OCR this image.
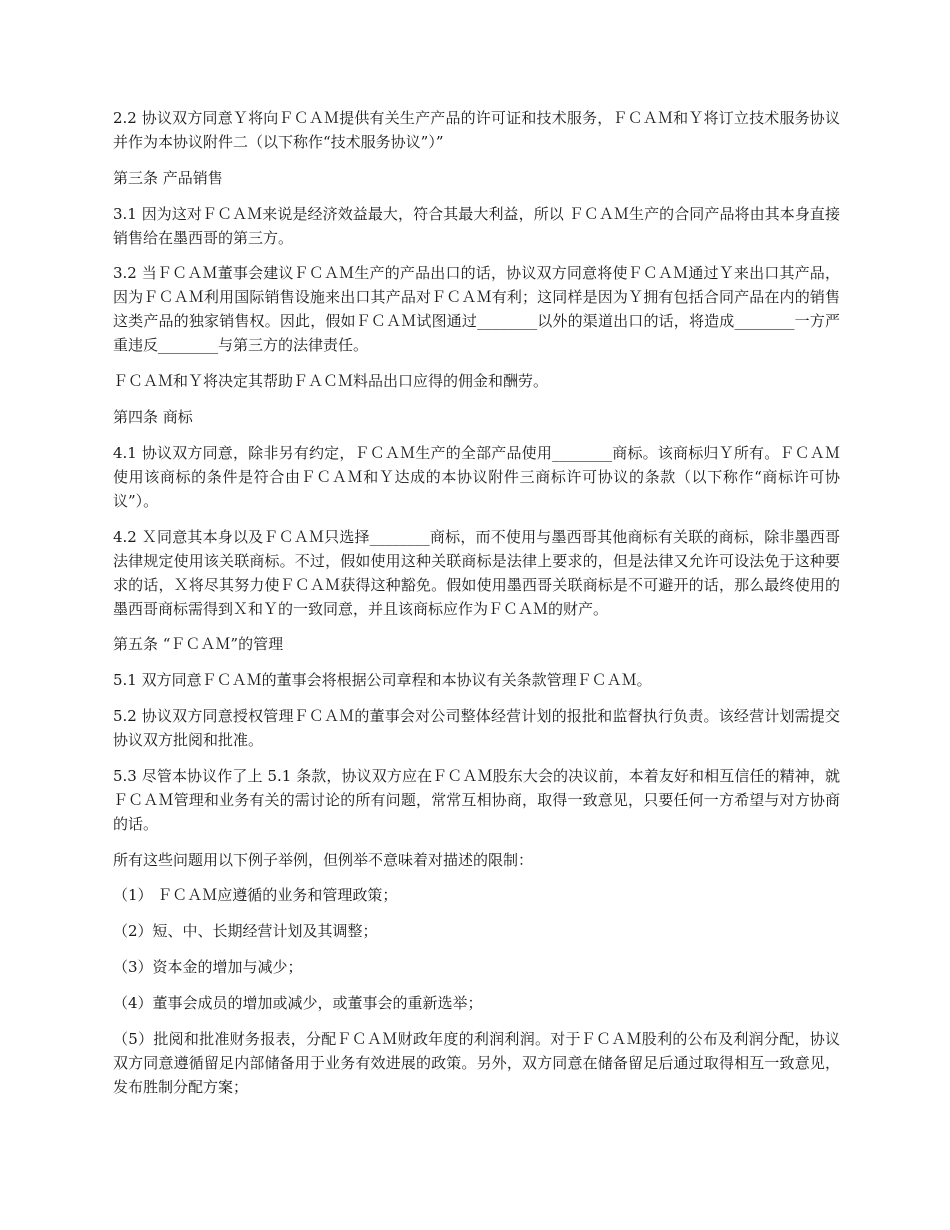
2.2 协议双方同意Ｙ将向ＦＣＡＭ提供有关生产产品的许可证和技术服务，ＦＣＡＭ和Ｙ将订立技术服务协议并作为本协议附件二（以下称作“技术服务协议”）”

第三条 产品销售

3.1 因为这对ＦＣＡＭ来说是经济效益最大，符合其最大利益，所以 ＦＣＡＭ生产的合同产品将由其本身直接销售给在墨西哥的第三方。

3.2 当ＦＣＡＭ董事会建议ＦＣＡＭ生产的产品出口的话，协议双方同意将使ＦＣＡＭ通过Ｙ来出口其产品，因为ＦＣＡＭ利用国际销售设施来出口其产品对ＦＣＡＭ有利；这同样是因为Ｙ拥有包括合同产品在内的销售这类产品的独家销售权。因此，假如ＦＣＡＭ试图通过________以外的渠道出口的话，将造成________一方严重违反________与第三方的法律责任。

ＦＣＡＭ和Ｙ将决定其帮助ＦＡＣＭ料品出口应得的佣金和酬劳。

第四条 商标

4.1 协议双方同意，除非另有约定，ＦＣＡＭ生产的全部产品使用________商标。该商标归Ｙ所有。ＦＣＡＭ使用该商标的条件是符合由ＦＣＡＭ和Ｙ达成的本协议附件三商标许可协议的条款（以下称作“商标许可协议”）。

4.2 Ｘ同意其本身以及ＦＣＡＭ只选择________商标，而不使用与墨西哥其他商标有关联的商标，除非墨西哥法律规定使用该关联商标。不过，假如使用这种关联商标是法律上要求的，但是法律又允许可设法免于这种要求的话，Ｘ将尽其努力使ＦＣＡＭ获得这种豁免。假如使用墨西哥关联商标是不可避开的话，那么最终使用的墨西哥商标需得到Ｘ和Ｙ的一致同意，并且该商标应作为ＦＣＡＭ的财产。

第五条 “ＦＣＡＭ”的管理

5.1 双方同意ＦＣＡＭ的董事会将根据公司章程和本协议有关条款管理ＦＣＡＭ。

5.2 协议双方同意授权管理ＦＣＡＭ的董事会对公司整体经营计划的报批和监督执行负责。该经营计划需提交协议双方批阅和批准。

5.3 尽管本协议作了上 5.1 条款，协议双方应在ＦＣＡＭ股东大会的决议前，本着友好和相互信任的精神，就ＦＣＡＭ管理和业务有关的需讨论的所有问题，常常互相协商，取得一致意见，只要任何一方希望与对方协商的话。

所有这些问题用以下例子举例，但例举不意味着对描述的限制：

（1） ＦＣＡＭ应遵循的业务和管理政策；

（2）短、中、长期经营计划及其调整；

（3）资本金的增加与减少；

（4）董事会成员的增加或减少，或董事会的重新选举；

（5）批阅和批准财务报表，分配ＦＣＡＭ财政年度的利润利润。对于ＦＣＡＭ股利的公布及利润分配，协议双方同意遵循留足内部储备用于业务有效进展的政策。另外，双方同意在储备留足后通过取得相互一致意见，发布胜制分配方案；
